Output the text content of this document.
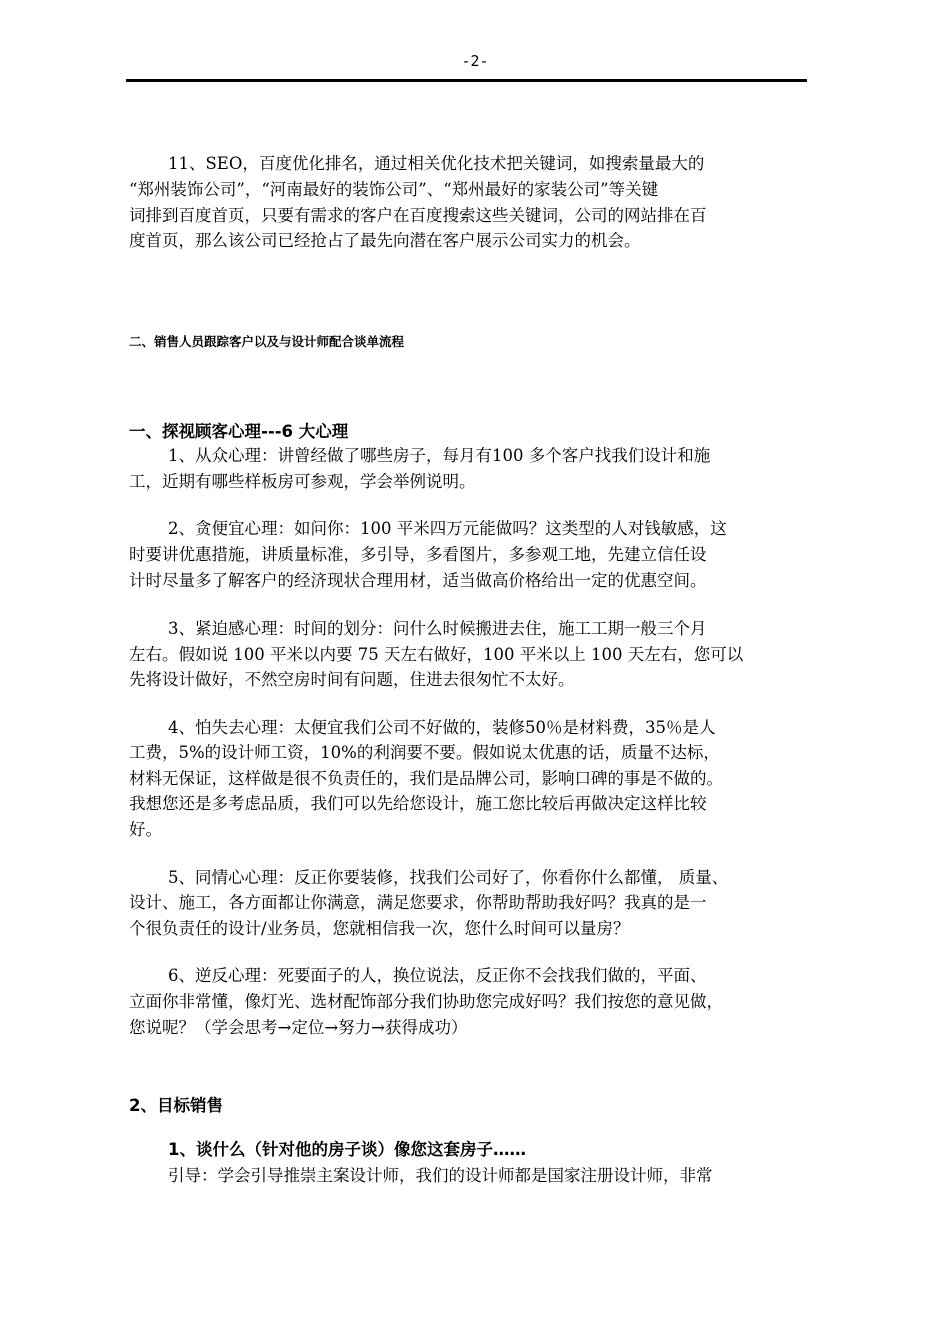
-2-
11、SEO，百度优化排名，通过相关优化技术把关键词，如搜索量最大的
“郑州装饰公司”，“河南最好的装饰公司”、“郑州最好的家装公司”等关键
词排到百度首页，只要有需求的客户在百度搜索这些关键词，公司的网站排在百
度首页，那么该公司已经抢占了最先向潜在客户展示公司实力的机会。
二、销售人员跟踪客户以及与设计师配合谈单流程
一、探视顾客心理---6 大心理
1、从众心理：讲曾经做了哪些房子，每月有100 多个客户找我们设计和施
工，近期有哪些样板房可参观，学会举例说明。
2、贪便宜心理：如问你：100 平米四万元能做吗？这类型的人对钱敏感，这
时要讲优惠措施，讲质量标准，多引导，多看图片，多参观工地，先建立信任设
计时尽量多了解客户的经济现状合理用材，适当做高价格给出一定的优惠空间。
3、紧迫感心理：时间的划分：问什么时候搬进去住，施工工期一般三个月
左右。假如说 100 平米以内要 75 天左右做好，100 平米以上 100 天左右，您可以
先将设计做好，不然空房时间有问题，住进去很匆忙不太好。
4、怕失去心理：太便宜我们公司不好做的，装修50％是材料费，35％是人
工费，5%的设计师工资，10%的利润要不要。假如说太优惠的话，质量不达标，
材料无保证，这样做是很不负责任的，我们是品牌公司，影响口碑的事是不做的。
我想您还是多考虑品质，我们可以先给您设计，施工您比较后再做决定这样比较
好。
5、同情心心理：反正你要装修，找我们公司好了，你看你什么都懂， 质量、
设计、施工，各方面都让你满意，满足您要求，你帮助帮助我好吗？我真的是一
个很负责任的设计/业务员，您就相信我一次，您什么时间可以量房？
6、逆反心理：死要面子的人，换位说法，反正你不会找我们做的，平面、
立面你非常懂，像灯光、选材配饰部分我们协助您完成好吗？我们按您的意见做，
您说呢？（学会思考→定位→努力→获得成功）
2、目标销售
1、谈什么（针对他的房子谈）像您这套房子……
引导：学会引导推崇主案设计师，我们的设计师都是国家注册设计师，非常
